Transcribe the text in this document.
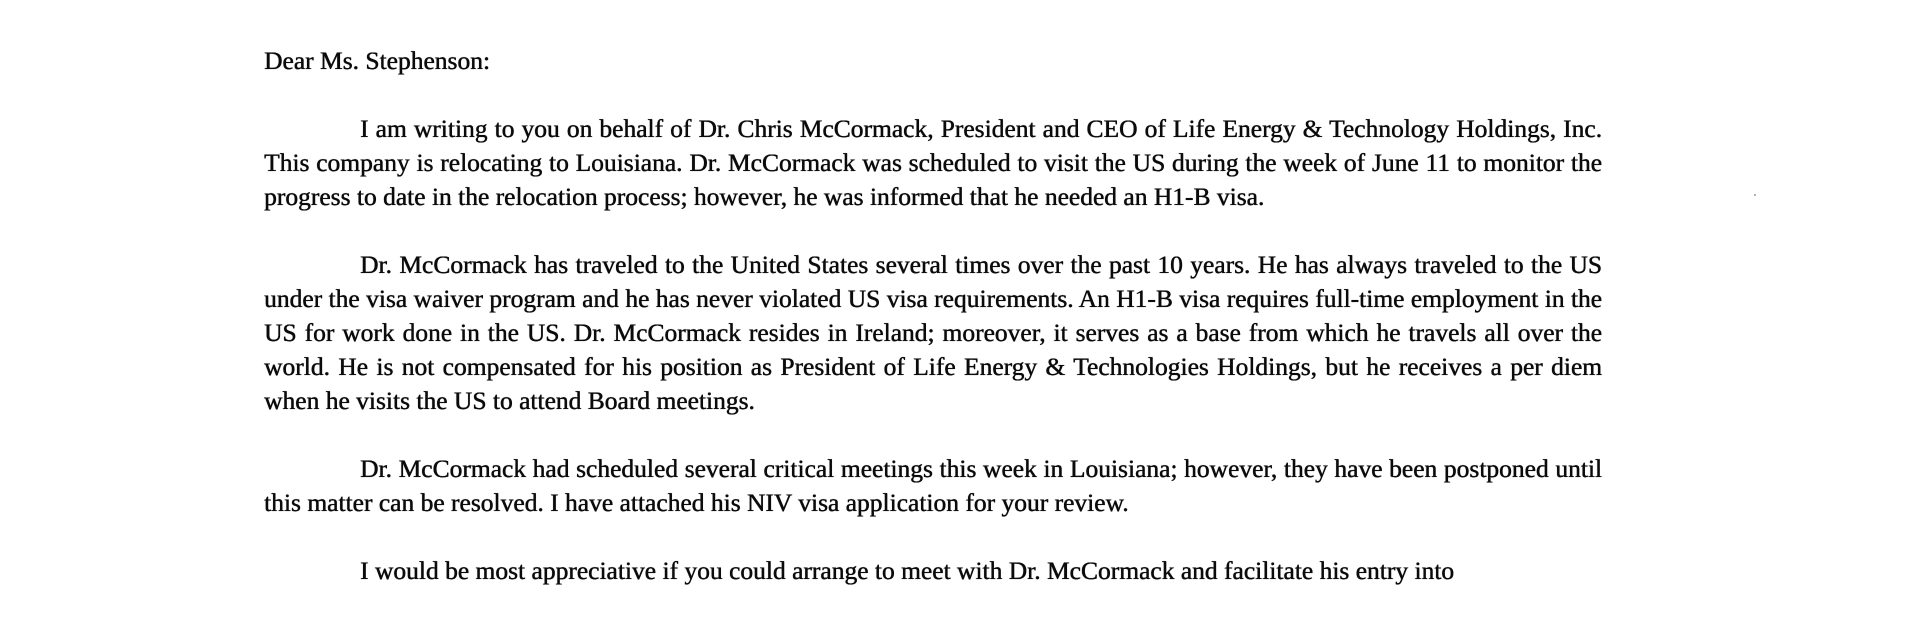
Dear Ms. Stephenson:

I am writing to you on behalf of Dr. Chris McCormack, President and CEO of Life Energy & Technology Holdings, Inc. This company is relocating to Louisiana. Dr. McCormack was scheduled to visit the US during the week of June 11 to monitor the progress to date in the relocation process; however, he was informed that he needed an H1-B visa.

Dr. McCormack has traveled to the United States several times over the past 10 years. He has always traveled to the US under the visa waiver program and he has never violated US visa requirements. An H1-B visa requires full-time employment in the US for work done in the US. Dr. McCormack resides in Ireland; moreover, it serves as a base from which he travels all over the world. He is not compensated for his position as President of Life Energy & Technologies Holdings, but he receives a per diem when he visits the US to attend Board meetings.

Dr. McCormack had scheduled several critical meetings this week in Louisiana; however, they have been postponed until this matter can be resolved. I have attached his NIV visa application for your review.

I would be most appreciative if you could arrange to meet with Dr. McCormack and facilitate his entry into
